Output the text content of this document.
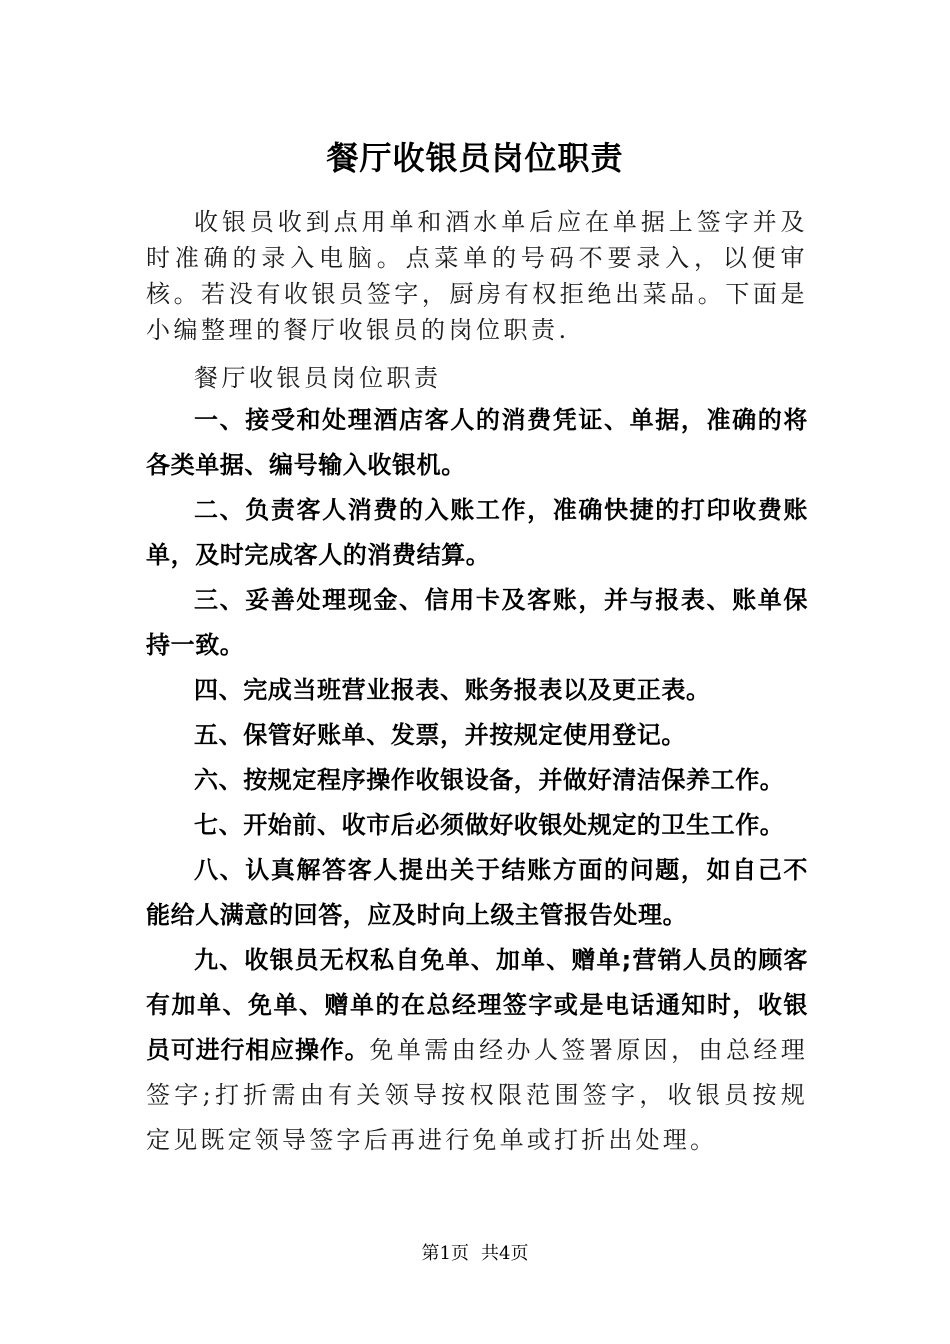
餐厅收银员岗位职责

收银员收到点用单和酒水单后应在单据上签字并及时准确的录入电脑。点菜单的号码不要录入，以便审核。若没有收银员签字，厨房有权拒绝出菜品。下面是小编整理的餐厅收银员的岗位职责.

餐厅收银员岗位职责

一、接受和处理酒店客人的消费凭证、单据，准确的将各类单据、编号输入收银机。

二、负责客人消费的入账工作，准确快捷的打印收费账单，及时完成客人的消费结算。

三、妥善处理现金、信用卡及客账，并与报表、账单保持一致。

四、完成当班营业报表、账务报表以及更正表。

五、保管好账单、发票，并按规定使用登记。

六、按规定程序操作收银设备，并做好清洁保养工作。

七、开始前、收市后必须做好收银处规定的卫生工作。

八、认真解答客人提出关于结账方面的问题，如自己不能给人满意的回答，应及时向上级主管报告处理。

九、收银员无权私自免单、加单、赠单;营销人员的顾客有加单、免单、赠单的在总经理签字或是电话通知时，收银员可进行相应操作。免单需由经办人签署原因，由总经理签字;打折需由有关领导按权限范围签字，收银员按规定见既定领导签字后再进行免单或打折出处理。

第1页 共4页
